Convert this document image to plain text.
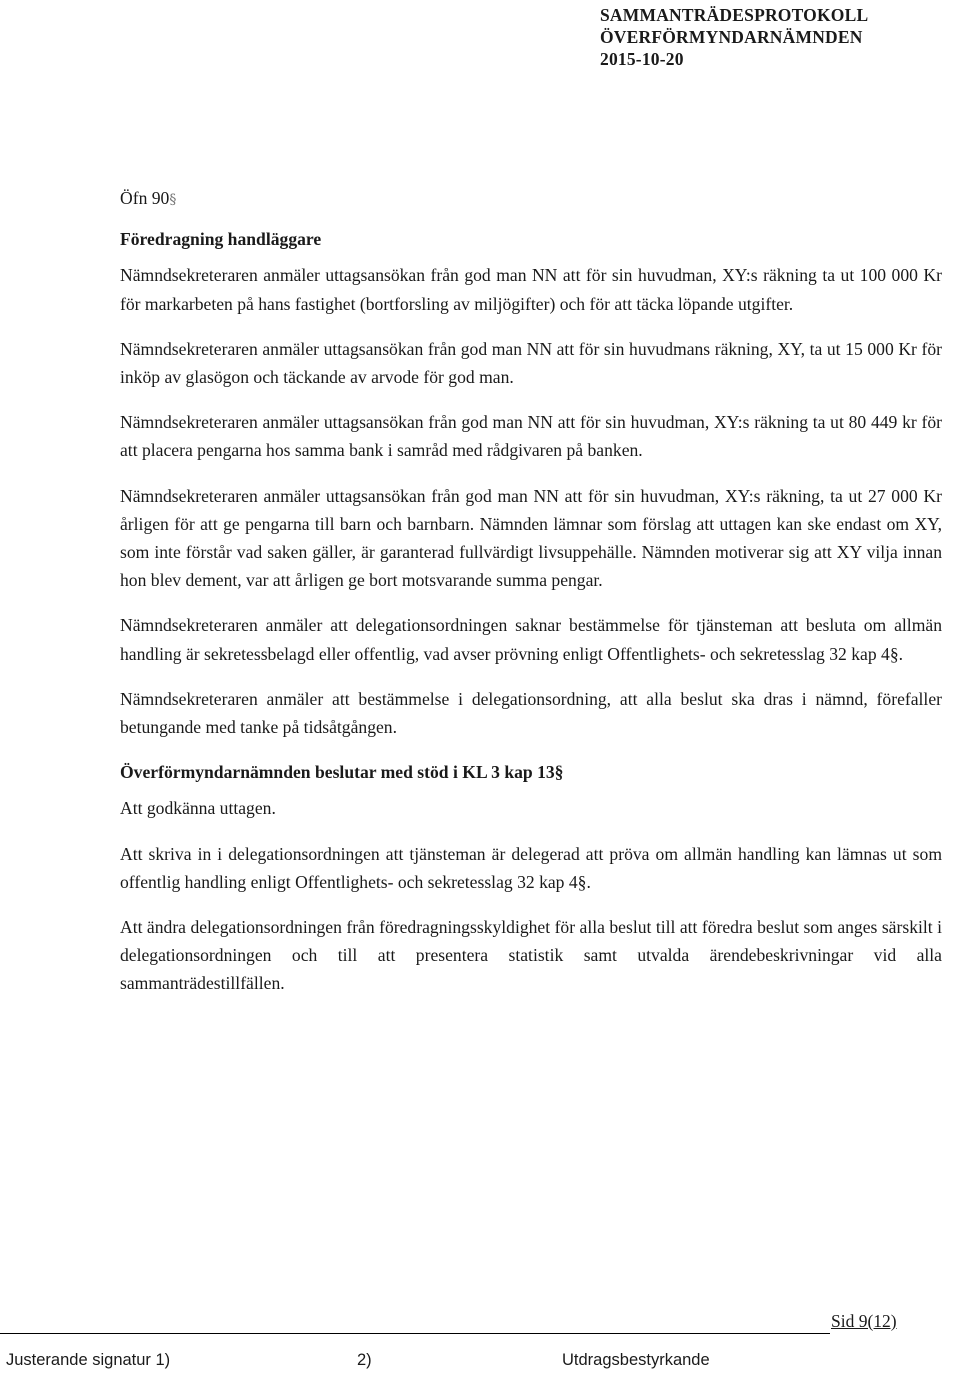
SAMMANTRÄDESPROTOKOLL
ÖVERFÖRMYNDARNÄMNDEN
2015-10-20

Öfn 90§

Föredragning handläggare

Nämndsekreteraren anmäler uttagsansökan från god man NN att för sin huvudman, XY:s räkning ta ut 100 000 Kr för markarbeten på hans fastighet (bortforsling av miljögifter) och för att täcka löpande utgifter.

Nämndsekreteraren anmäler uttagsansökan från god man NN att för sin huvudmans räkning, XY, ta ut 15 000 Kr för inköp av glasögon och täckande av arvode för god man.

Nämndsekreteraren anmäler uttagsansökan från god man NN att för sin huvudman, XY:s räkning ta ut 80 449 kr för att placera pengarna hos samma bank i samråd med rådgivaren på banken.

Nämndsekreteraren anmäler uttagsansökan från god man NN att för sin huvudman, XY:s räkning, ta ut 27 000 Kr årligen för att ge pengarna till barn och barnbarn. Nämnden lämnar som förslag att uttagen kan ske endast om XY, som inte förstår vad saken gäller, är garanterad fullvärdigt livsuppehälle. Nämnden motiverar sig att XY vilja innan hon blev dement, var att årligen ge bort motsvarande summa pengar.

Nämndsekreteraren anmäler att delegationsordningen saknar bestämmelse för tjänsteman att besluta om allmän handling är sekretessbelagd eller offentlig, vad avser prövning enligt Offentlighets- och sekretesslag 32 kap 4§.

Nämndsekreteraren anmäler att bestämmelse i delegationsordning, att alla beslut ska dras i nämnd, förefaller betungande med tanke på tidsåtgången.

Överförmyndarnämnden beslutar med stöd i KL 3 kap 13§

Att godkänna uttagen.

Att skriva in i delegationsordningen att tjänsteman är delegerad att pröva om allmän handling kan lämnas ut som offentlig handling enligt Offentlighets- och sekretesslag 32 kap 4§.

Att ändra delegationsordningen från föredragningsskyldighet för alla beslut till att föredra beslut som anges särskilt i delegationsordningen och till att presentera statistik samt utvalda ärendebeskrivningar vid alla sammanträdestillfällen.

Sid 9(12)
Justerande signatur 1)	2)	Utdragsbestyrkande
